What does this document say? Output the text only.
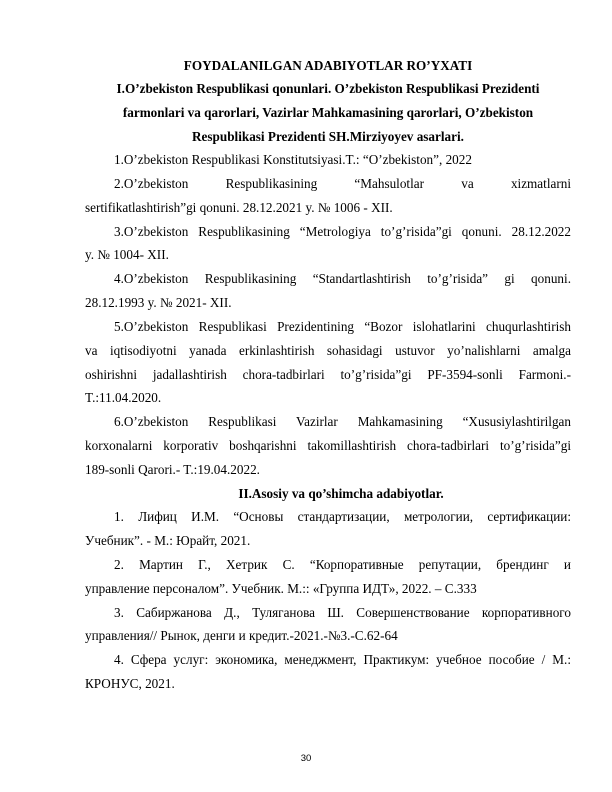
FOYDALANILGAN ADABIYOTLAR RO’YXATI
I.O’zbekiston Respublikasi qonunlari. O’zbekiston Respublikasi Prezidenti
farmonlari va qarorlari, Vazirlar Mahkamasining qarorlari, O’zbekiston
Respublikasi Prezidenti SH.Mirziyoyev asarlari.
1.O’zbekiston Respublikasi Konstitutsiyasi.T.: “O’zbekiston”, 2022
2.O’zbekiston Respublikasining “Mahsulotlar va xizmatlarni
sertifikatlashtirish”gi qonuni. 28.12.2021 y. № 1006 - XII.
3.O’zbekiston Respublikasining “Metrologiya to’g’risida”gi qonuni. 28.12.2022
y. № 1004- XII.
4.O’zbekiston Respublikasining “Standartlashtirish to’g’risida” gi qonuni.
28.12.1993 y. № 2021- XII.
5.O’zbekiston Respublikasi Prezidentining “Bozor islohatlarini chuqurlashtirish
va iqtisodiyotni yanada erkinlashtirish sohasidagi ustuvor yo’nalishlarni amalga
oshirishni jadallashtirish chora-tadbirlari to’g’risida”gi PF-3594-sonli Farmoni.-
T.:11.04.2020.
6.O’zbekiston Respublikasi Vazirlar Mahkamasining “Xususiylashtirilgan
korxonalarni korporativ boshqarishni takomillashtirish chora-tadbirlari to’g’risida”gi
189-sonli Qarori.- T.:19.04.2022.
II.Asosiy va qo’shimcha adabiyotlar.
1. Лифиц И.М. “Основы стандартизации, метрологии, сертификации:
Учебник”. - М.: Юрайт, 2021.
2. Мартин Г., Хетрик С. “Корпоративные репутации, брендинг и
управление персоналом”. Учебник. М.:: «Группа ИДТ», 2022. – С.333
3. Сабиржанова Д., Туляганова Ш. Совершенствование корпоративного
управления// Рынок, денги и кредит.-2021.-№3.-С.62-64
4. Сфера услуг: экономика, менеджмент, Практикум: учебное пособие / М.:
КРОНУС, 2021.
30
